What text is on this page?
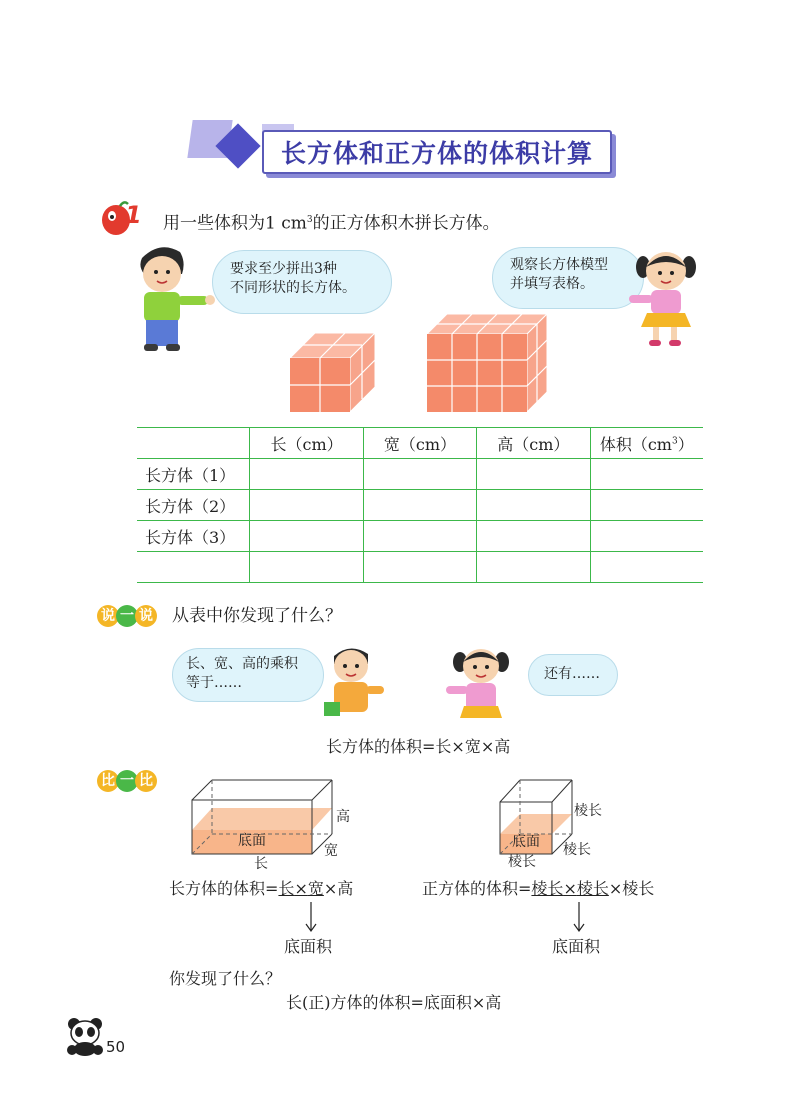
长方体和正方体的体积计算
1 用一些体积为1 $cm^3$的正方体积木拼长方体。
要求至少拼出3种
不同形状的长方体。
观察长方体模型
并填写表格。
	长（cm）	宽（cm）	高（cm）	体积$(cm^3)$
长方体（1）				
长方体（2）				
长方体（3）				

说 一 说 从表中你发现了什么？
长、宽、高的乘积
等于……
还有……
长方体的体积=长×宽×高
比 一 比
高
底面
长
宽
棱长
底面
棱长
棱长
长方体的体积=长×宽×高	正方体的体积=棱长×棱长×棱长
底面积	底面积
你发现了什么？
长(正)方体的体积=底面积×高
50
